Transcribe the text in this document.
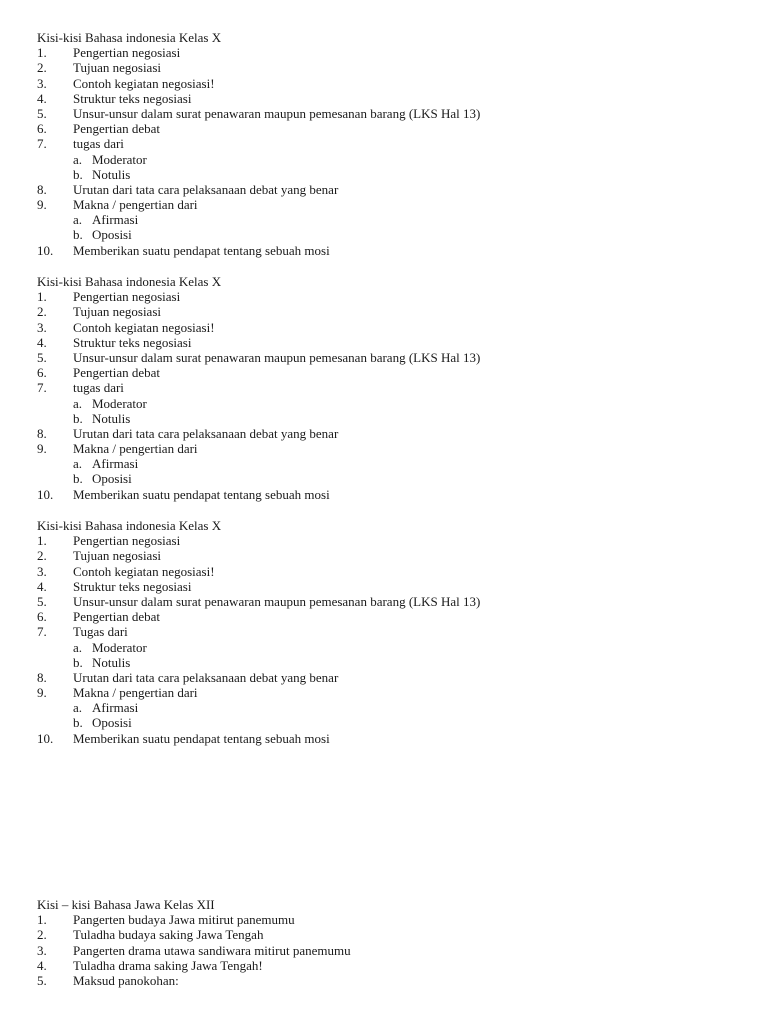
Kisi-kisi Bahasa indonesia Kelas X
1. Pengertian negosiasi
2. Tujuan negosiasi
3. Contoh kegiatan negosiasi!
4. Struktur teks negosiasi
5. Unsur-unsur dalam surat penawaran maupun pemesanan barang (LKS Hal 13)
6. Pengertian debat
7. tugas dari
a. Moderator
b. Notulis
8. Urutan dari tata cara pelaksanaan debat yang benar
9. Makna / pengertian dari
a. Afirmasi
b. Oposisi
10. Memberikan suatu pendapat tentang sebuah mosi
Kisi-kisi Bahasa indonesia Kelas X
1. Pengertian negosiasi
2. Tujuan negosiasi
3. Contoh kegiatan negosiasi!
4. Struktur teks negosiasi
5. Unsur-unsur dalam surat penawaran maupun pemesanan barang (LKS Hal 13)
6. Pengertian debat
7. tugas dari
a. Moderator
b. Notulis
8. Urutan dari tata cara pelaksanaan debat yang benar
9. Makna / pengertian dari
a. Afirmasi
b. Oposisi
10. Memberikan suatu pendapat tentang sebuah mosi
Kisi-kisi Bahasa indonesia Kelas X
1. Pengertian negosiasi
2. Tujuan negosiasi
3. Contoh kegiatan negosiasi!
4. Struktur teks negosiasi
5. Unsur-unsur dalam surat penawaran maupun pemesanan barang (LKS Hal 13)
6. Pengertian debat
7. Tugas dari
a. Moderator
b. Notulis
8. Urutan dari tata cara pelaksanaan debat yang benar
9. Makna / pengertian dari
a. Afirmasi
b. Oposisi
10. Memberikan suatu pendapat tentang sebuah mosi
Kisi – kisi Bahasa Jawa Kelas XII
1. Pangerten budaya Jawa mitirut panemumu
2. Tuladha budaya saking Jawa Tengah
3. Pangerten drama utawa sandiwara mitirut panemumu
4. Tuladha drama saking Jawa Tengah!
5. Maksud panokohan:
